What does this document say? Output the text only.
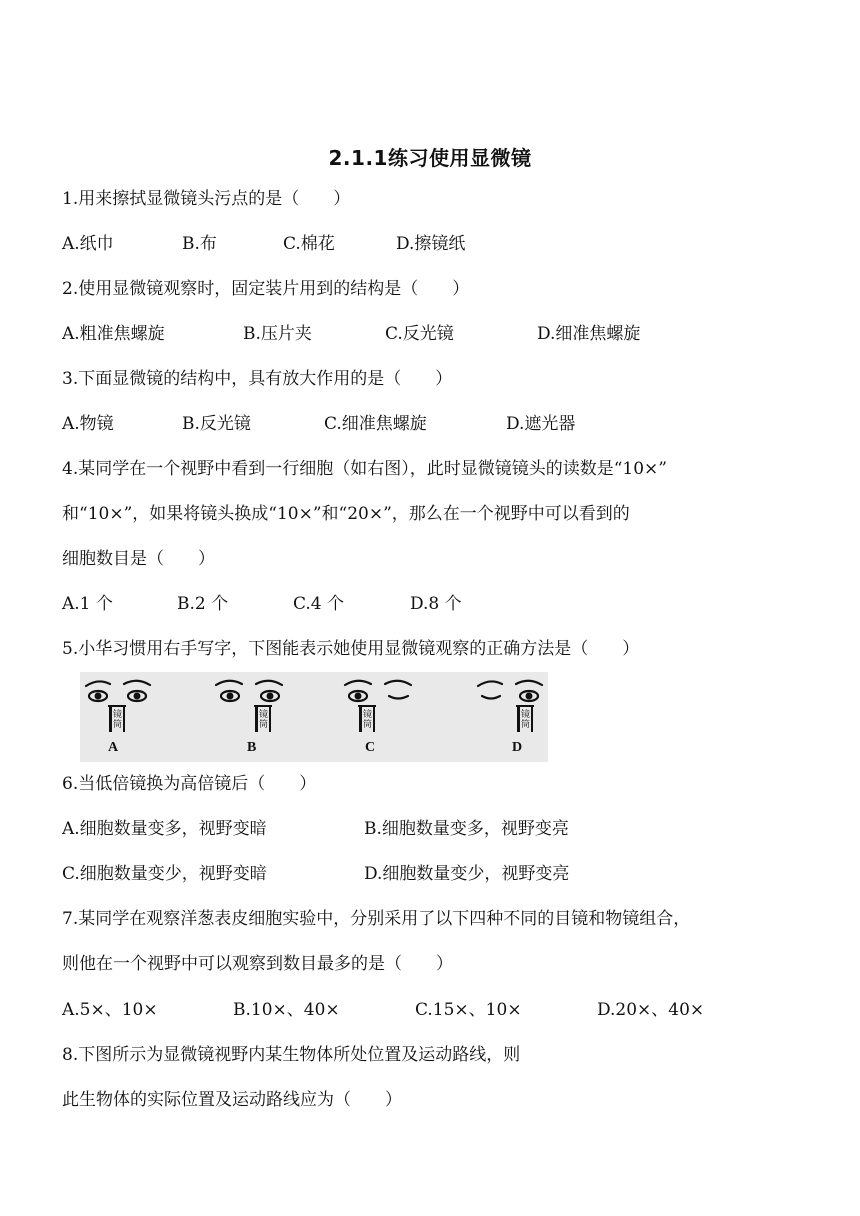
2.1.1练习使用显微镜
1.用来擦拭显微镜头污点的是（　　）
A.纸巾	B.布	C.棉花	D.擦镜纸
2.使用显微镜观察时，固定装片用到的结构是（　　）
A.粗准焦螺旋	B.压片夹	C.反光镜	D.细准焦螺旋
3.下面显微镜的结构中，具有放大作用的是（　　）
A.物镜	B.反光镜	C.细准焦螺旋	D.遮光器
4.某同学在一个视野中看到一行细胞（如右图），此时显微镜镜头的读数是“10×”
和“10×”，如果将镜头换成“10×”和“20×”，那么在一个视野中可以看到的
细胞数目是（　　）
A.1 个	B.2 个	C.4 个	D.8 个
5.小华习惯用右手写字，下图能表示她使用显微镜观察的正确方法是（　　）
镜筒
镜筒
镜筒
镜筒
A	B	C	D
6.当低倍镜换为高倍镜后（　　）
A.细胞数量变多，视野变暗	B.细胞数量变多，视野变亮
C.细胞数量变少，视野变暗	D.细胞数量变少，视野变亮
7.某同学在观察洋葱表皮细胞实验中，分别采用了以下四种不同的目镜和物镜组合，
则他在一个视野中可以观察到数目最多的是（　　）
A.5×、10×	B.10×、40×	C.15×、10×	D.20×、40×
8.下图所示为显微镜视野内某生物体所处位置及运动路线，则
此生物体的实际位置及运动路线应为（　　）
